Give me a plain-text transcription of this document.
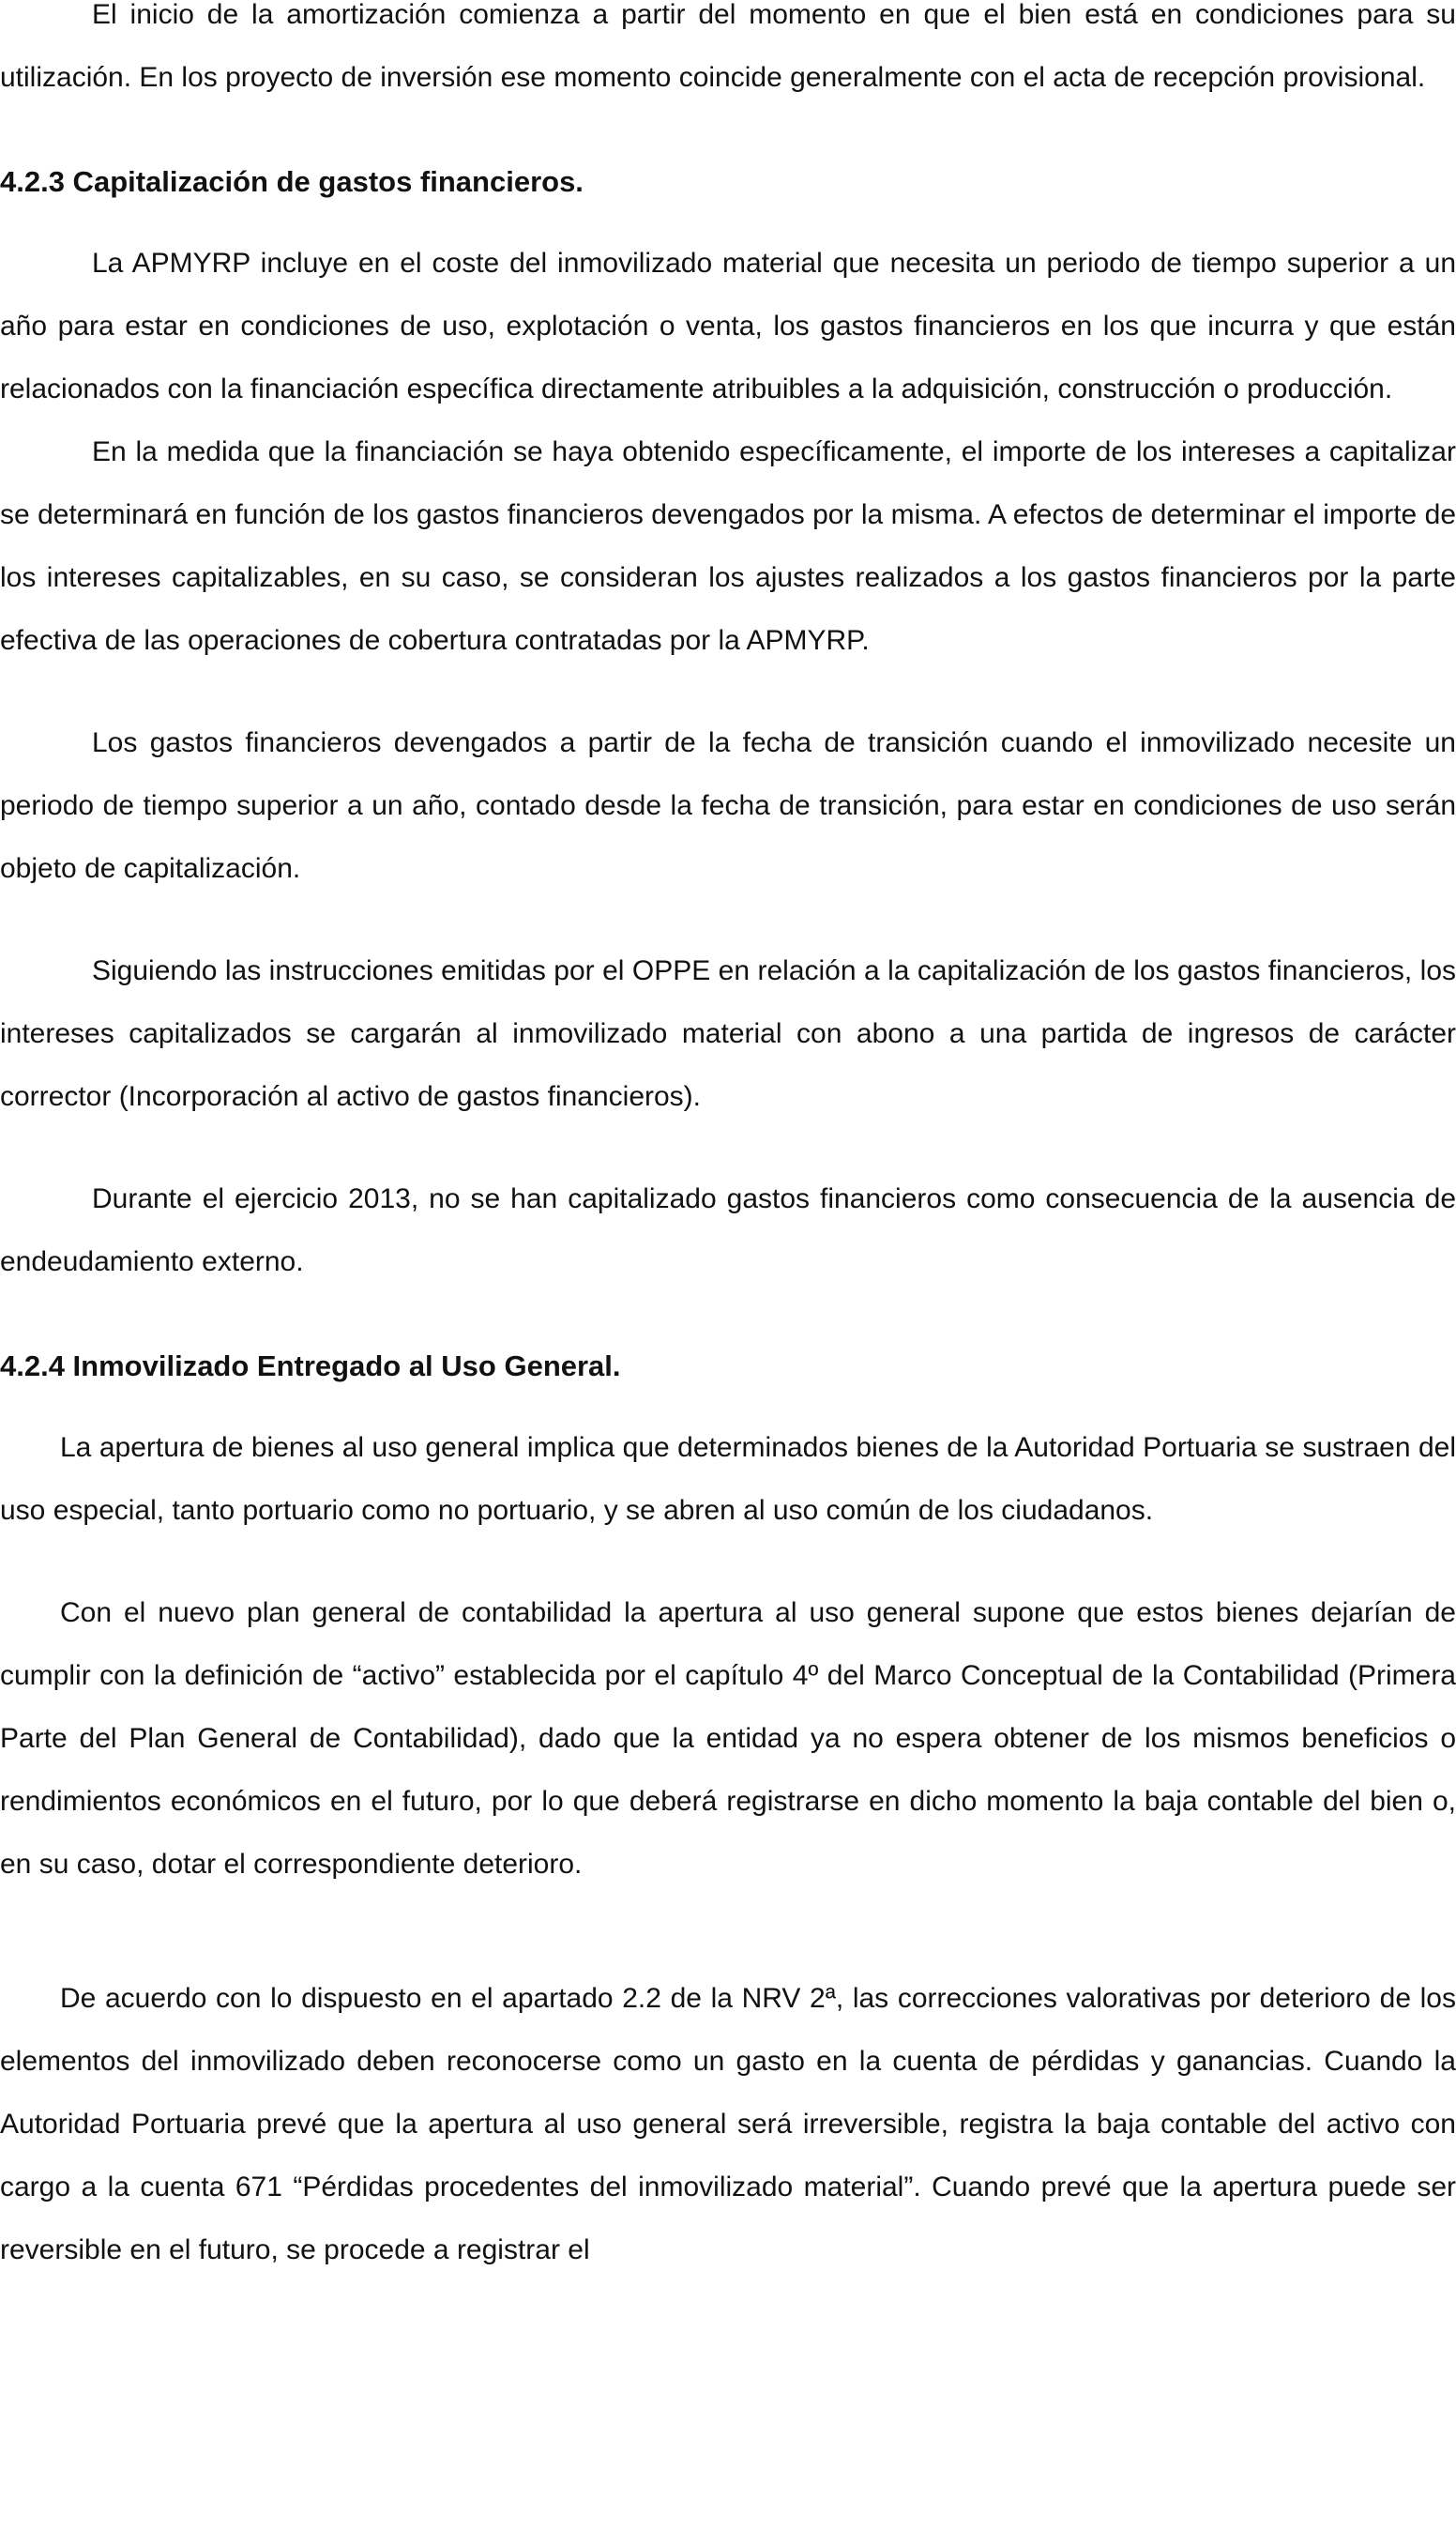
El inicio de la amortización comienza a partir del momento en que el bien está en condiciones para su utilización. En los proyecto de inversión ese momento coincide generalmente con el acta de recepción provisional.

4.2.3 Capitalización de gastos financieros.

La APMYRP incluye en el coste del inmovilizado material que necesita un periodo de tiempo superior a un año para estar en condiciones de uso, explotación o venta, los gastos financieros en los que incurra y que están relacionados con la financiación específica directamente atribuibles a la adquisición, construcción o producción.

En la medida que la financiación se haya obtenido específicamente, el importe de los intereses a capitalizar se determinará en función de los gastos financieros devengados por la misma. A efectos de determinar el importe de los intereses capitalizables, en su caso, se consideran los ajustes realizados a los gastos financieros por la parte efectiva de las operaciones de cobertura contratadas por la APMYRP.

Los gastos financieros devengados a partir de la fecha de transición cuando el inmovilizado necesite un periodo de tiempo superior a un año, contado desde la fecha de transición, para estar en condiciones de uso serán objeto de capitalización.

Siguiendo las instrucciones emitidas por el OPPE en relación a la capitalización de los gastos financieros, los intereses capitalizados se cargarán al inmovilizado material con abono a una partida de ingresos de carácter corrector (Incorporación al activo de gastos financieros).

Durante el ejercicio 2013, no se han capitalizado gastos financieros como consecuencia de la ausencia de endeudamiento externo.

4.2.4 Inmovilizado Entregado al Uso General.

La apertura de bienes al uso general implica que determinados bienes de la Autoridad Portuaria se sustraen del uso especial, tanto portuario como no portuario, y se abren al uso común de los ciudadanos.

Con el nuevo plan general de contabilidad la apertura al uso general supone que estos bienes dejarían de cumplir con la definición de “activo” establecida por el capítulo 4º del Marco Conceptual de la Contabilidad (Primera Parte del Plan General de Contabilidad), dado que la entidad ya no espera obtener de los mismos beneficios o rendimientos económicos en el futuro, por lo que deberá registrarse en dicho momento la baja contable del bien o, en su caso, dotar el correspondiente deterioro.

De acuerdo con lo dispuesto en el apartado 2.2 de la NRV 2ª, las correcciones valorativas por deterioro de los elementos del inmovilizado deben reconocerse como un gasto en la cuenta de pérdidas y ganancias. Cuando la Autoridad Portuaria prevé que la apertura al uso general será irreversible, registra la baja contable del activo con cargo a la cuenta 671 “Pérdidas procedentes del inmovilizado material”. Cuando prevé que la apertura puede ser reversible en el futuro, se procede a registrar el
